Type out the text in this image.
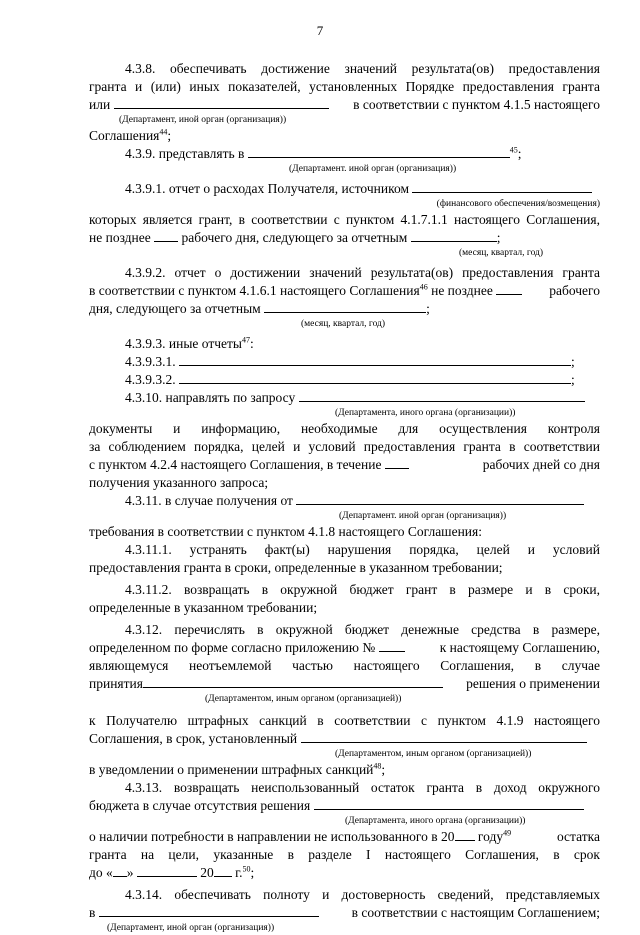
7

4.3.8. обеспечивать достижение значений результата(ов) предоставления

гранта и (или) иных показателей, установленных Порядке предоставления гранта

или	в соответствии с пунктом 4.1.5 настоящего
(Департамент, иной орган (организация))

Соглашения$^{44}$;

4.3.9. представлять в	$^{45}$;

(Департамент. иной орган (организация))

4.3.9.1. отчет о расходах Получателя, источником

(финансового обеспечения/возмещения)

которых является грант, в соответствии с пунктом 4.1.7.1.1 настоящего Соглашения,

не позднее рабочего дня, следующего за отчетным	;

(месяц, квартал, год)

4.3.9.2. отчет о достижении значений результата(ов) предоставления гранта

в соответствии с пунктом 4.1.6.1 настоящего Соглашения$^{46}$ не позднее	рабочего

дня, следующего за отчетным	;

(месяц, квартал, год)

4.3.9.3. иные отчеты$^{47}$:

4.3.9.3.1.	;

4.3.9.3.2.	;

4.3.10. направлять по запросу

(Департамента, иного органа (организации))

документы и информацию, необходимые для осуществления контроля

за соблюдением порядка, целей и условий предоставления гранта в соответствии

с пунктом 4.2.4 настоящего Соглашения, в течение	рабочих дней со дня

получения указанного запроса;

4.3.11. в случае получения от

(Департамент. иной орган (организация))

требования в соответствии с пунктом 4.1.8 настоящего Соглашения:

4.3.11.1. устранять факт(ы) нарушения порядка, целей и условий

предоставления гранта в сроки, определенные в указанном требовании;

4.3.11.2. возвращать в окружной бюджет грант в размере и в сроки,

определенные в указанном требовании;

4.3.12. перечислять в окружной бюджет денежные средства в размере,

определенном по форме согласно приложению №	к настоящему Соглашению,

являющемуся неотъемлемой частью настоящего Соглашения, в случае

принятия	решения о применении
(Департаментом, иным органом (организацией))

к Получателю штрафных санкций в соответствии с пунктом 4.1.9 настоящего

Соглашения, в срок, установленный

(Департаментом, иным органом (организацией))

в уведомлении о применении штрафных санкций$^{48}$;

4.3.13. возвращать неиспользованный остаток гранта в доход окружного

бюджета в случае отсутствия решения

(Департамента, иного органа (организации))
о наличии потребности в направлении не использованного в 20 году$^{49}$	остатка

гранта на цели, указанные в разделе I настоящего Соглашения, в срок

до « »	20 г.$^{50}$;

4.3.14. обеспечивать полноту и достоверность сведений, представляемых

в	в соответствии с настоящим Соглашением;
(Департамент, иной орган (организация))
